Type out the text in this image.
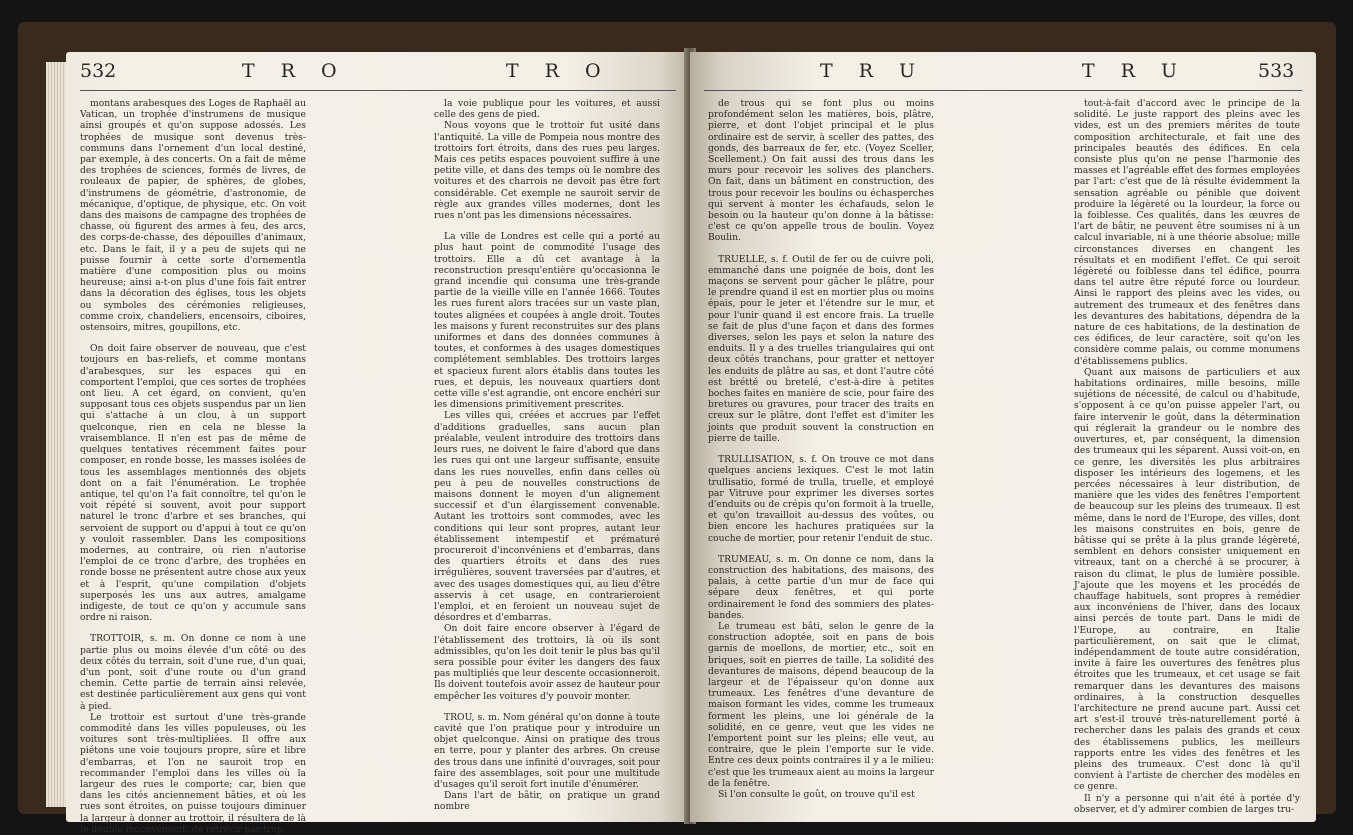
532	T R O	T R O

montans arabesques des Loges de Raphaël au Vatican, un trophée d'instrumens de musique ainsi groupés et qu'on suppose adossés. Les trophées de musique sont devenus très-communs dans l'ornement d'un local destiné, par exemple, à des concerts. On a fait de même des trophées de sciences, formés de livres, de rouleaux de papier, de sphères, de globes, d'instrumens de géométrie, d'astronomie, de mécanique, d'optique, de physique, etc. On voit dans des maisons de campagne des trophées de chasse, où figurent des armes à feu, des arcs, des corps-de-chasse, des dépouilles d'animaux, etc. Dans le fait, il y a peu de sujets qui ne puisse fournir à cette sorte d'ornementla matière d'une composition plus ou moins heureuse; ainsi a-t-on plus d'une fois fait entrer dans la décoration des églises, tous les objets ou symboles des cérémonies religieuses, comme croix, chandeliers, encensoirs, ciboires, ostensoirs, mitres, goupillons, etc.

On doit faire observer de nouveau, que c'est toujours en bas-reliefs, et comme montans d'arabesques, sur les espaces qui en comportent l'emploi, que ces sortes de trophées ont lieu. A cet égard, on convient, qu'en supposant tous ces objets suspendus par un lien qui s'attache à un clou, à un support quelconque, rien en cela ne blesse la vraisemblance. Il n'en est pas de même de quelques tentatives récemment faites pour composer, en ronde bosse, les masses isolées de tous les assemblages mentionnés des objets dont on a fait l'énumération. Le trophée antique, tel qu'on l'a fait connoître, tel qu'on le voit répété si souvent, avoit pour support naturel le tronc d'arbre et ses branches, qui servoient de support ou d'appui à tout ce qu'on y vouloit rassembler. Dans les compositions modernes, au contraire, où rien n'autorise l'emploi de ce tronc d'arbre, des trophées en ronde bosse ne présentent autre chose aux yeux et à l'esprit, qu'une compilation d'objets superposés les uns aux autres, amalgame indigeste, de tout ce qu'on y accumule sans ordre ni raison.

TROTTOIR, s. m. On donne ce nom à une partie plus ou moins élevée d'un côté ou des deux côtés du terrain, soit d'une rue, d'un quai, d'un pont, soit d'une route ou d'un grand chemin. Cette partie de terrain ainsi relevée, est destinée particulièrement aux gens qui vont à pied.

Le trottoir est surtout d'une très-grande commodité dans les villes populeuses, où les voitures sont très-multipliées. Il offre aux piétons une voie toujours propre, sûre et libre d'embarras, et l'on ne sauroit trop en recommander l'emploi dans les villes où la largeur des rues le comporte; car, bien que dans les cités anciennement bâties, et où les rues sont étroites, on puisse toujours diminuer la largeur à donner au trottoir, il résultera de là le double inconvénient, de rétrécir par trop

la voie publique pour les voitures, et aussi celle des gens de pied.

Nous voyons que le trottoir fut usité dans l'antiquité. La ville de Pompeia nous montre des trottoirs fort étroits, dans des rues peu larges. Mais ces petits espaces pouvoient suffire à une petite ville, et dans des temps où le nombre des voitures et des charrois ne devoit pas être fort considérable. Cet exemple ne sauroit servir de règle aux grandes villes modernes, dont les rues n'ont pas les dimensions nécessaires.

La ville de Londres est celle qui a porté au plus haut point de commodité l'usage des trottoirs. Elle a dû cet avantage à la reconstruction presqu'entière qu'occasionna le grand incendie qui consuma une très-grande partie de la vieille ville en l'année 1666. Toutes les rues furent alors tracées sur un vaste plan, toutes alignées et coupées à angle droit. Toutes les maisons y furent reconstruites sur des plans uniformes et dans des données communes à toutes, et conformes à des usages domestiques complétement semblables. Des trottoirs larges et spacieux furent alors établis dans toutes les rues, et depuis, les nouveaux quartiers dont cette ville s'est agrandie, ont encore enchéri sur les dimensions primitivement prescrites.

Les villes qui, créées et accrues par l'effet d'additions graduelles, sans aucun plan préalable, veulent introduire des trottoirs dans leurs rues, ne doivent le faire d'abord que dans les rues qui ont une largeur suffisante, ensuite dans les rues nouvelles, enfin dans celles où peu à peu de nouvelles constructions de maisons donnent le moyen d'un alignement successif et d'un élargissement convenable. Autant les trottoirs sont commodes, avec les conditions qui leur sont propres, autant leur établissement intempestif et prématuré procureroit d'inconvéniens et d'embarras, dans des quartiers étroits et dans des rues irrégulières, souvent traversées par d'autres, et avec des usages domestiques qui, au lieu d'être asservis à cet usage, en contrarieroient l'emploi, et en feroient un nouveau sujet de désordres et d'embarras.

On doit faire encore observer à l'égard de l'établissement des trottoirs, là où ils sont admissibles, qu'on les doit tenir le plus bas qu'il sera possible pour éviter les dangers des faux pas multipliés que leur descente occasionneroit. Ils doivent toutefois avoir assez de hauteur pour empêcher les voitures d'y pouvoir monter.

TROU, s. m. Nom général qu'on donne à toute cavité que l'on pratique pour y introduire un objet quelconque. Ainsi on pratique des trous en terre, pour y planter des arbres. On creuse des trous dans une infinité d'ouvrages, soit pour faire des assemblages, soit pour une multitude d'usages qu'il seroit fort inutile d'énumérer.

Dans l'art de bâtir, on pratique un grand nombre

T R U	T R U	533

de trous qui se font plus ou moins profondément selon les matières, bois, plâtre, pierre, et dont l'objet principal et le plus ordinaire est de servir, à sceller des pattes, des gonds, des barreaux de fer, etc. (Voyez Sceller, Scellement.) On fait aussi des trous dans les murs pour recevoir les solives des planchers. On fait, dans un bâtiment en construction, des trous pour recevoir les boulins ou échasperches qui servent à monter les échafauds, selon le besoin ou la hauteur qu'on donne à la bâtisse: c'est ce qu'on appelle trous de boulin. Voyez Boulin.

TRUELLE, s. f. Outil de fer ou de cuivre poli, emmanché dans une poignée de bois, dont les maçons se servent pour gâcher le plâtre, pour le prendre quand il est en mortier plus ou moins épais, pour le jeter et l'étendre sur le mur, et pour l'unir quand il est encore frais. La truelle se fait de plus d'une façon et dans des formes diverses, selon les pays et selon la nature des enduits. Il y a des truelles triangulaires qui ont deux côtés tranchans, pour gratter et nettoyer les enduits de plâtre au sas, et dont l'autre côté est brétté ou bretelé, c'est-à-dire à petites boches faites en manière de scie, pour faire des bretures ou gravures, pour tracer des traits en creux sur le plâtre, dont l'effet est d'imiter les joints que produit souvent la construction en pierre de taille.

TRULLISATION, s. f. On trouve ce mot dans quelques anciens lexiques. C'est le mot latin trullisatio, formé de trulla, truelle, et employé par Vitruve pour exprimer les diverses sortes d'enduits ou de crépis qu'on formoit à la truelle, et qu'on travailloit au-dessus des voûtes, ou bien encore les hachures pratiquées sur la couche de mortier, pour retenir l'enduit de stuc.

TRUMEAU, s. m. On donne ce nom, dans la construction des habitations, des maisons, des palais, à cette partie d'un mur de face qui sépare deux fenêtres, et qui porte ordinairement le fond des sommiers des plates-bandes.

Le trumeau est bâti, selon le genre de la construction adoptée, soit en pans de bois garnis de moellons, de mortier, etc., soit en briques, soit en pierres de taille. La solidité des devantures de maisons, dépend beaucoup de la largeur et de l'épaisseur qu'on donne aux trumeaux. Les fenêtres d'une devanture de maison formant les vides, comme les trumeaux forment les pleins, une loi générale de la solidité, en ce genre, veut que les vides ne l'emportent point sur les pleins; elle veut, au contraire, que le plein l'emporte sur le vide. Entre ces deux points contraires il y a le milieu: c'est que les trumeaux aient au moins la largeur de la fenêtre.

Si l'on consulte le goût, on trouve qu'il est

tout-à-fait d'accord avec le principe de la solidité. Le juste rapport des pleins avec les vides, est un des premiers mérites de toute composition architecturale, et fait une des principales beautés des édifices. En cela consiste plus qu'on ne pense l'harmonie des masses et l'agréable effet des formes employées par l'art: c'est que de là résulte évidemment la sensation agréable ou pénible que doivent produire la légèreté ou la lourdeur, la force ou la foiblesse. Ces qualités, dans les œuvres de l'art de bâtir, ne peuvent être soumises ni à un calcul invariable, ni à une théorie absolue; mille circonstances diverses en changent les résultats et en modifient l'effet. Ce qui seroit légèreté ou foiblesse dans tel édifice, pourra dans tel autre être réputé force ou lourdeur. Ainsi le rapport des pleins avec les vides, ou autrement des trumeaux et des fenêtres dans les devantures des habitations, dépendra de la nature de ces habitations, de la destination de ces édifices, de leur caractère, soit qu'on les considère comme palais, ou comme monumens d'établissemens publics.

Quant aux maisons de particuliers et aux habitations ordinaires, mille besoins, mille sujétions de nécessité, de calcul ou d'habitude, s'opposent à ce qu'on puisse appeler l'art, ou faire intervenir le goût, dans la détermination qui réglerait la grandeur ou le nombre des ouvertures, et, par conséquent, la dimension des trumeaux qui les séparent. Aussi voit-on, en ce genre, les diversités les plus arbitraires disposer les intérieurs des logemens, et les percées nécessaires à leur distribution, de manière que les vides des fenêtres l'emportent de beaucoup sur les pleins des trumeaux. Il est même, dans le nord de l'Europe, des villes, dont les maisons construites en bois, genre de bâtisse qui se prête à la plus grande légèreté, semblent en dehors consister uniquement en vitreaux, tant on a cherché à se procurer, à raison du climat, le plus de lumière possible. J'ajoute que les moyens et les procédés de chauffage habituels, sont propres à remédier aux inconvéniens de l'hiver, dans des locaux ainsi percés de toute part. Dans le midi de l'Europe, au contraire, en Italie particulièrement, on sait que le climat, indépendamment de toute autre considération, invite à faire les ouvertures des fenêtres plus étroites que les trumeaux, et cet usage se fait remarquer dans les devantures des maisons ordinaires, à la construction desquelles l'architecture ne prend aucune part. Aussi cet art s'est-il trouvé très-naturellement porté à rechercher dans les palais des grands et ceux des établissemens publics, les meilleurs rapports entre les vides des fenêtres et les pleins des trumeaux. C'est donc là qu'il convient à l'artiste de chercher des modèles en ce genre.

Il n'y a personne qui n'ait été à portée d'y observer, et d'y admirer combien de larges tru-
